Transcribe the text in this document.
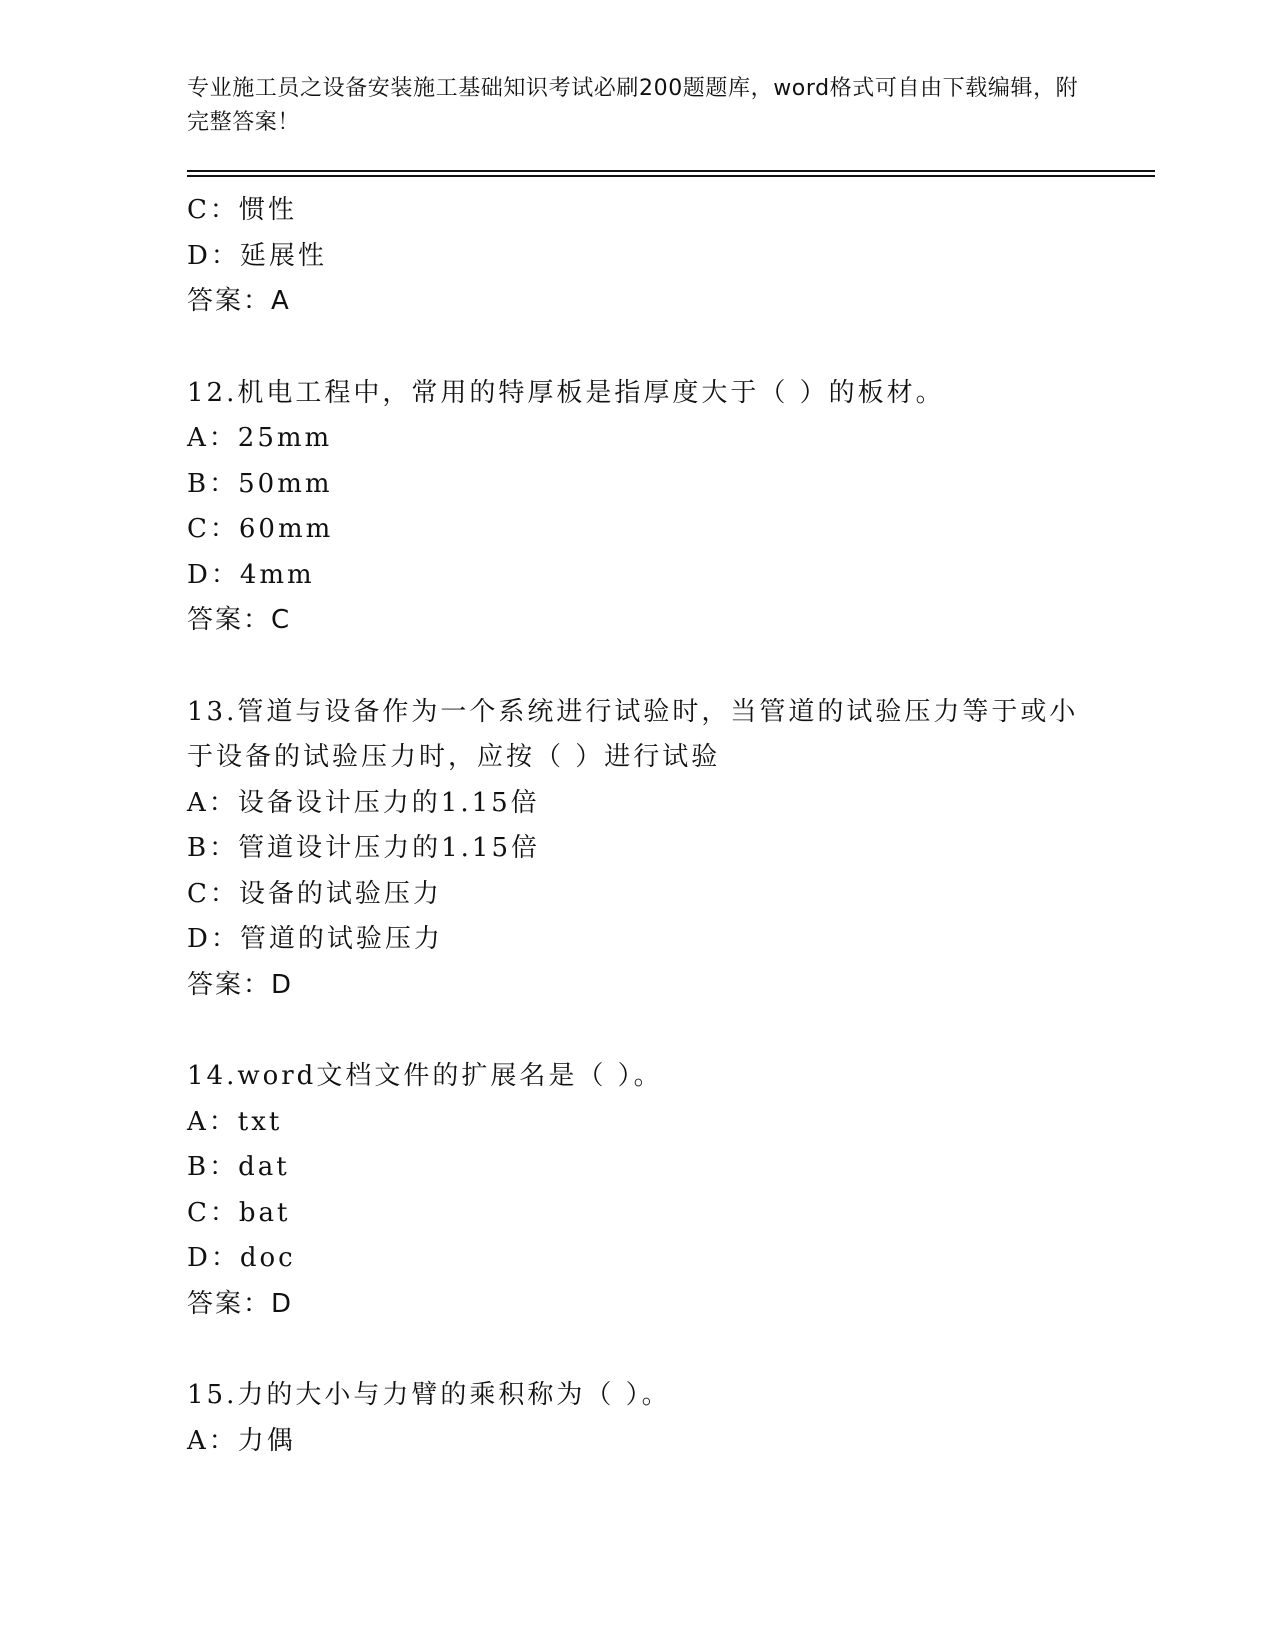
专业施工员之设备安装施工基础知识考试必刷200题题库，word格式可自由下载编辑，附完整答案！
C：惯性
D：延展性
答案：A
12.机电工程中，常用的特厚板是指厚度大于（ ）的板材。
A：25mm
B：50mm
C：60mm
D：4mm
答案：C
13.管道与设备作为一个系统进行试验时，当管道的试验压力等于或小
于设备的试验压力时，应按（ ）进行试验
A：设备设计压力的1.15倍
B：管道设计压力的1.15倍
C：设备的试验压力
D：管道的试验压力
答案：D
14.word文档文件的扩展名是（ ）。
A：txt
B：dat
C：bat
D：doc
答案：D
15.力的大小与力臂的乘积称为（ ）。
A：力偶
